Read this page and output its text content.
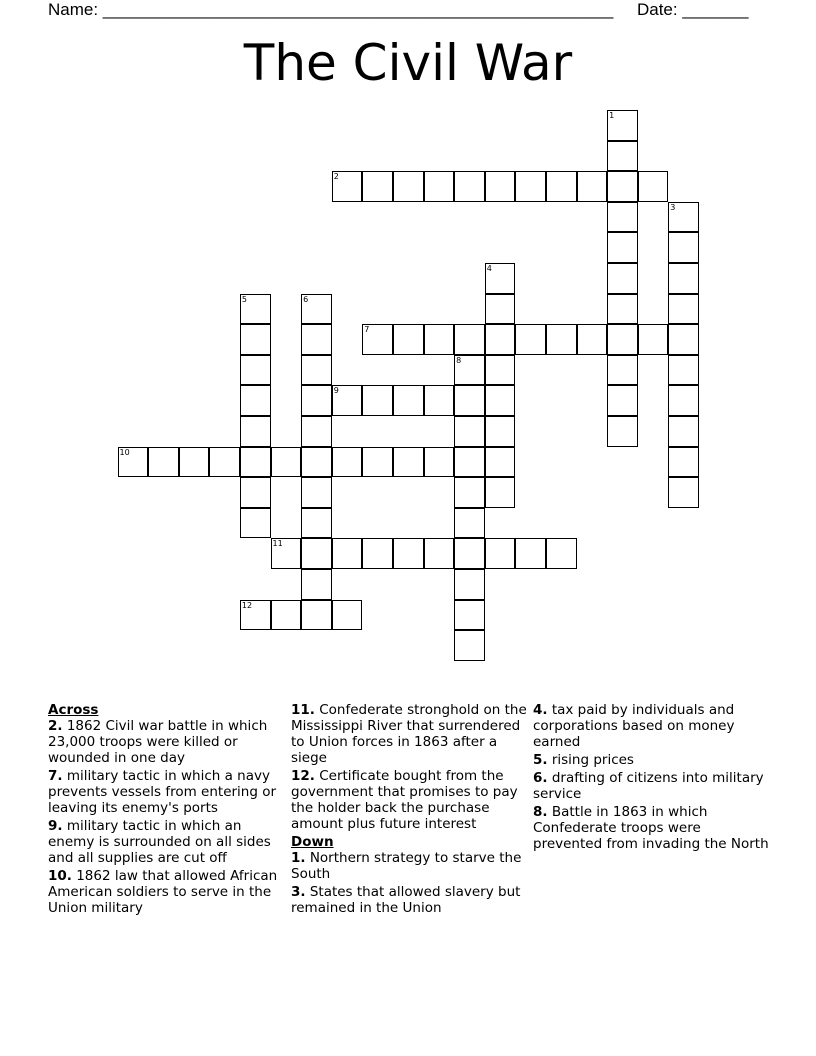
Name: ______________________________________________________     Date: _______
The Civil War
1
2
3
4
5	6
7
8
9
10
11
12
Across
2. 1862 Civil war battle in which 23,000 troops were killed or wounded in one day
7. military tactic in which a navy prevents vessels from entering or leaving its enemy's ports
9. military tactic in which an enemy is surrounded on all sides and all supplies are cut off
10. 1862 law that allowed African American soldiers to serve in the Union military
11. Confederate stronghold on the Mississippi River that surrendered to Union forces in 1863 after a siege
12. Certificate bought from the government that promises to pay the holder back the purchase amount plus future interest
Down
1. Northern strategy to starve the South
3. States that allowed slavery but remained in the Union
4. tax paid by individuals and corporations based on money earned
5. rising prices
6. drafting of citizens into military service
8. Battle in 1863 in which Confederate troops were prevented from invading the North
